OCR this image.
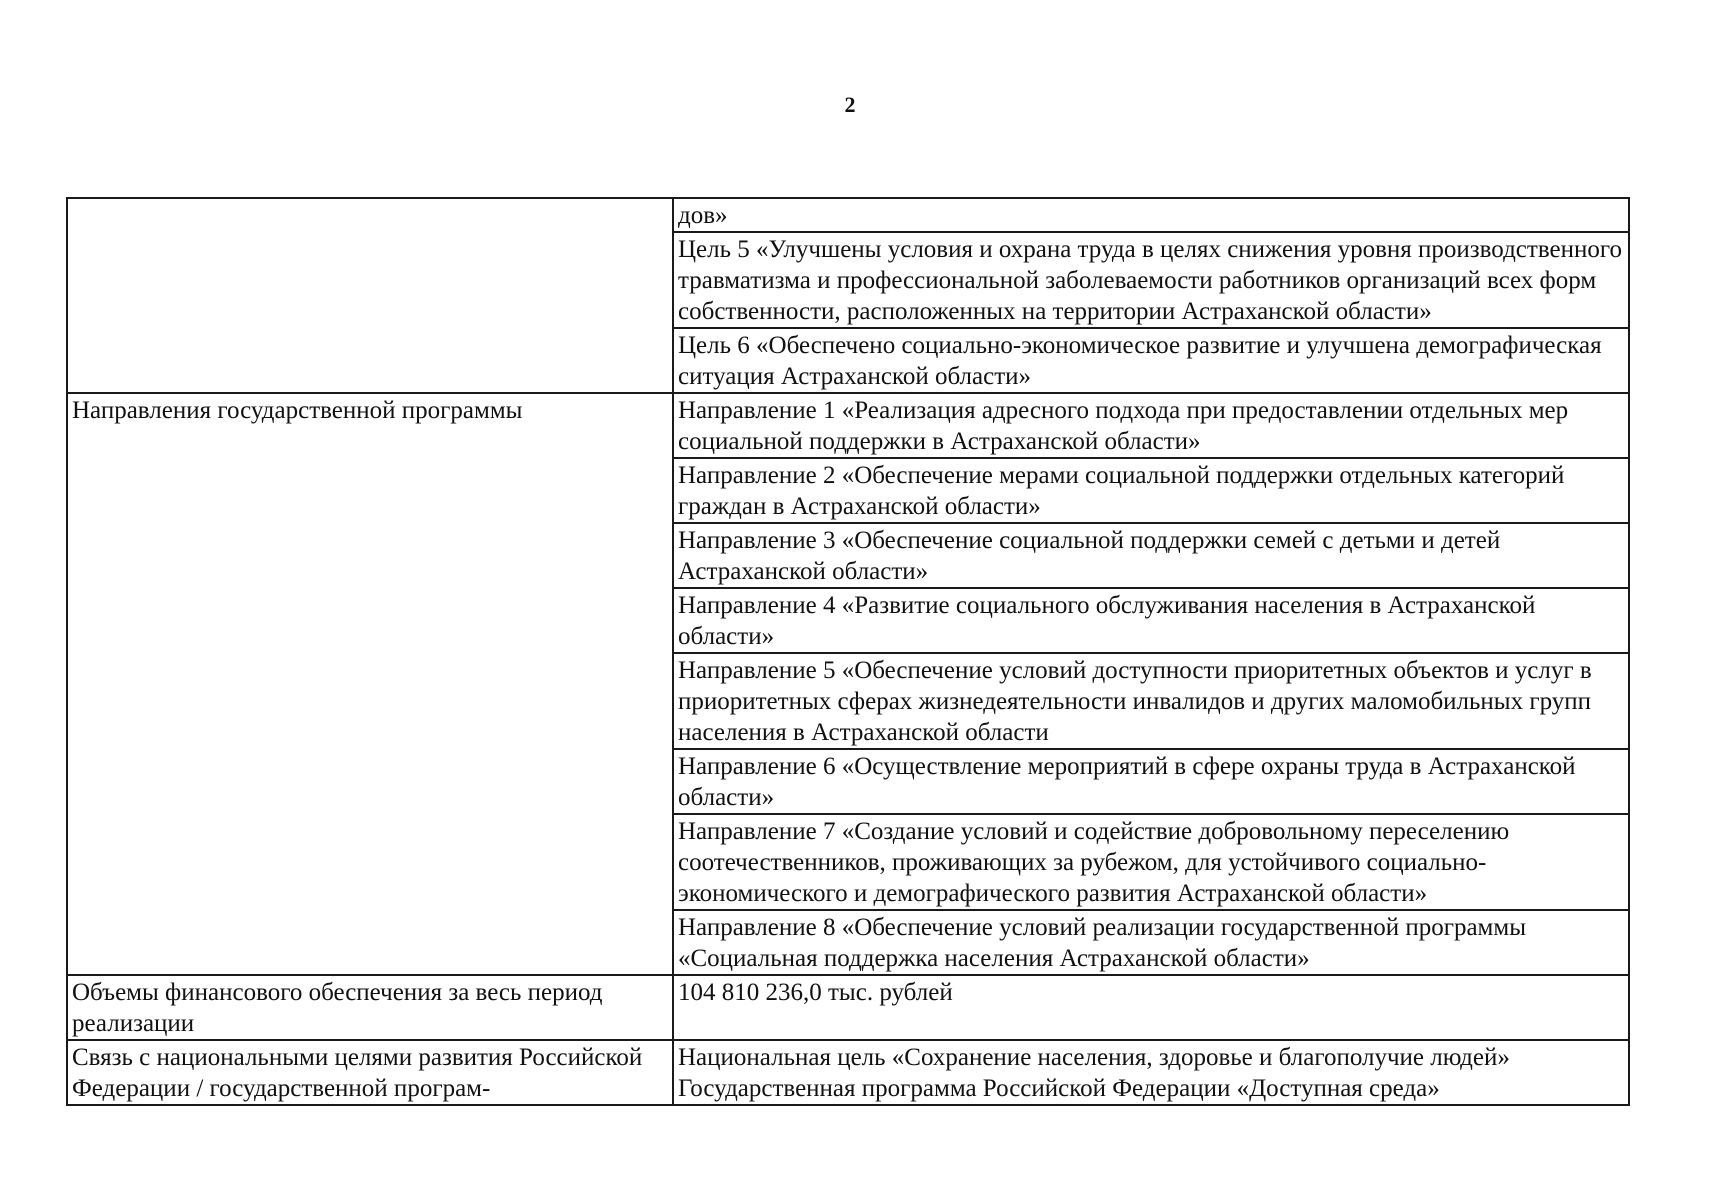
2
	дов»
	Цель 5 «Улучшены условия и охрана труда в целях снижения уровня производственного травматизма и профессиональной заболеваемости работников организаций всех форм собственности, расположенных на территории Астраханской области»
	Цель 6 «Обеспечено социально-экономическое развитие и улучшена демографическая ситуация Астраханской области»
Направления государственной программы	Направление 1 «Реализация адресного подхода при предоставлении отдельных мер социальной поддержки в Астраханской области»
	Направление 2 «Обеспечение мерами социальной поддержки отдельных категорий граждан в Астраханской области»
	Направление 3 «Обеспечение социальной поддержки семей с детьми и детей Астраханской области»
	Направление 4 «Развитие социального обслуживания населения в Астраханской области»
	Направление 5 «Обеспечение условий доступности приоритетных объектов и услуг в приоритетных сферах жизнедеятельности инвалидов и других маломобильных групп населения в Астраханской области
	Направление 6 «Осуществление мероприятий в сфере охраны труда в Астраханской области»
	Направление 7 «Создание условий и содействие добровольному переселению соотечественников, проживающих за рубежом, для устойчивого социально-экономического и демографического развития Астраханской области»
	Направление 8 «Обеспечение условий реализации государственной программы «Социальная поддержка населения Астраханской области»
Объемы финансового обеспечения за весь период реализации	104 810 236,0 тыс. рублей
Связь с национальными целями развития Российской Федерации / государственной програм-	Национальная цель «Сохранение населения, здоровье и благополучие людей» Государственная программа Российской Федерации «Доступная среда»
